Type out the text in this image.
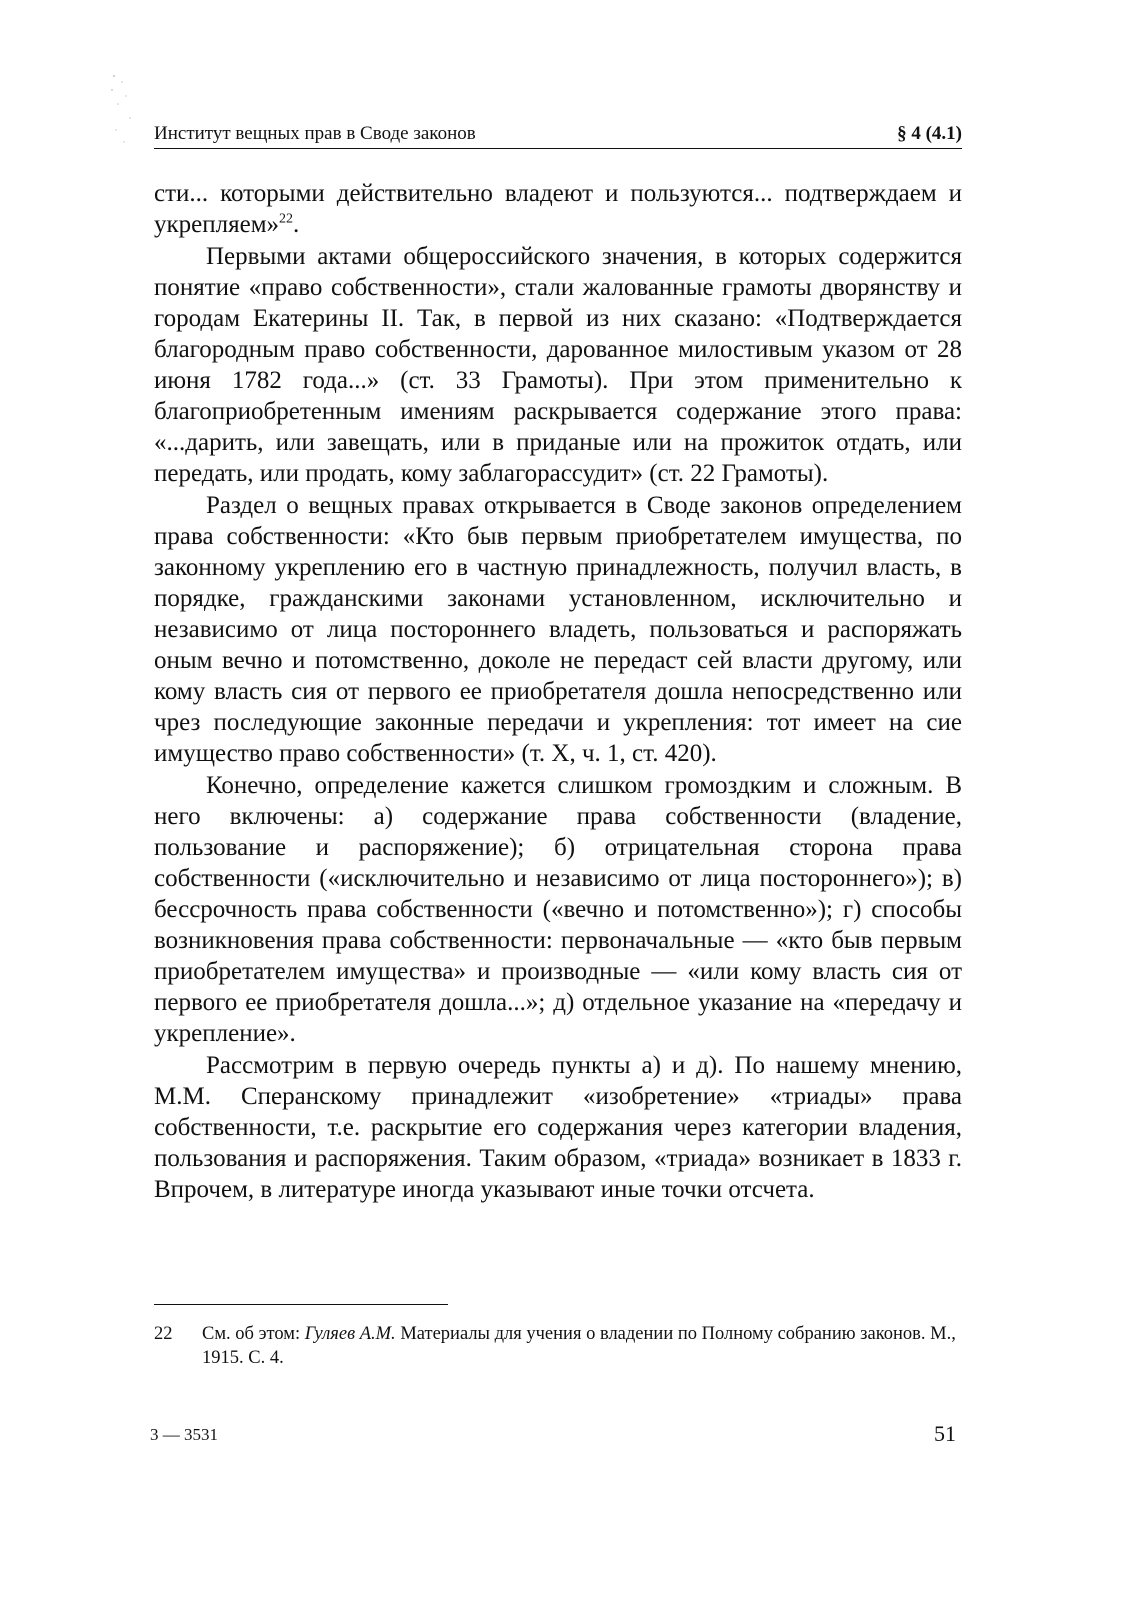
Институт вещных прав в Своде законов	§ 4 (4.1)

сти... которыми действительно владеют и пользуются... подтверждаем и укрепляем»$^{22}$.

Первыми актами общероссийского значения, в которых содержится понятие «право собственности», стали жалованные грамоты дворянству и городам Екатерины II. Так, в первой из них сказано: «Подтверждается благородным право собственности, дарованное милостивым указом от 28 июня 1782 года...» (ст. 33 Грамоты). При этом применительно к благоприобретенным имениям раскрывается содержание этого права: «...дарить, или завещать, или в приданые или на прожиток отдать, или передать, или продать, кому заблагорассудит» (ст. 22 Грамоты).

Раздел о вещных правах открывается в Своде законов определением права собственности: «Кто быв первым приобретателем имущества, по законному укреплению его в частную принадлежность, получил власть, в порядке, гражданскими законами установленном, исключительно и независимо от лица постороннего владеть, пользоваться и распоряжать оным вечно и потомственно, доколе не передаст сей власти другому, или кому власть сия от первого ее приобретателя дошла непосредственно или чрез последующие законные передачи и укрепления: тот имеет на сие имущество право собственности» (т. X, ч. 1, ст. 420).

Конечно, определение кажется слишком громоздким и сложным. В него включены: а) содержание права собственности (владение, пользование и распоряжение); б) отрицательная сторона права собственности («исключительно и независимо от лица постороннего»); в) бессрочность права собственности («вечно и потомственно»); г) способы возникновения права собственности: первоначальные — «кто быв первым приобретателем имущества» и производные — «или кому власть сия от первого ее приобретателя дошла...»; д) отдельное указание на «передачу и укрепление».

Рассмотрим в первую очередь пункты а) и д). По нашему мнению, М.М. Сперанскому принадлежит «изобретение» «триады» права собственности, т.е. раскрытие его содержания через категории владения, пользования и распоряжения. Таким образом, «триада» возникает в 1833 г. Впрочем, в литературе иногда указывают иные точки отсчета.

22	См. об этом: Гуляев А.М. Материалы для учения о владении по Полному собранию законов. М., 1915. С. 4.
3 — 3531	51
